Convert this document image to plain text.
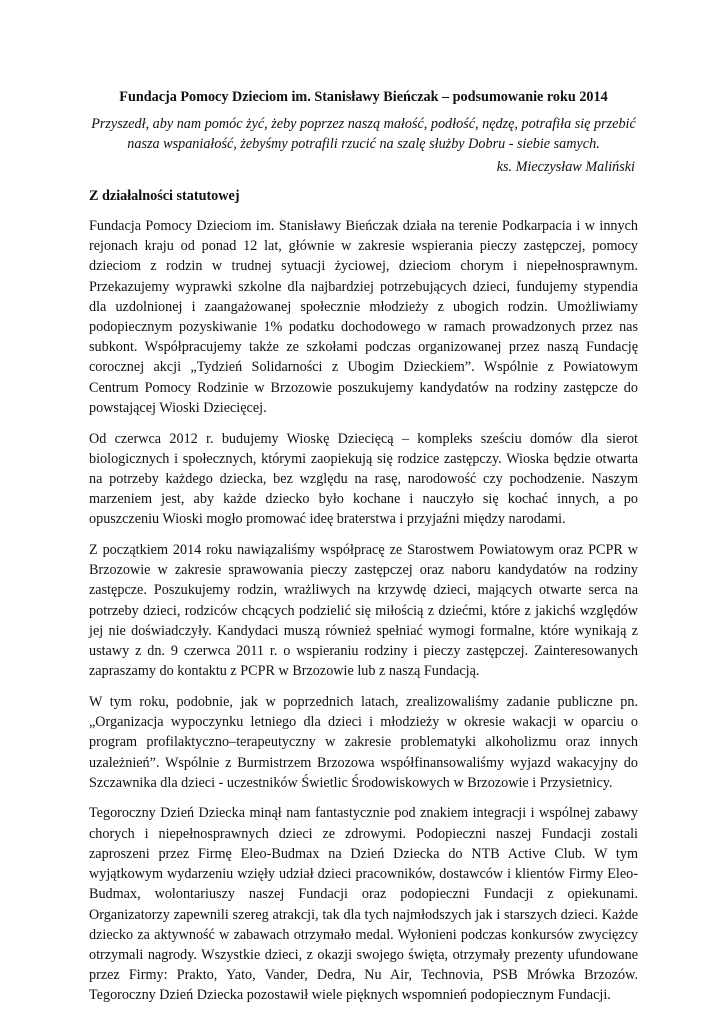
Fundacja Pomocy Dzieciom im. Stanisławy Bieńczak – podsumowanie roku 2014

Przyszedł, aby nam pomóc żyć, żeby poprzez naszą małość, podłość, nędzę, potrafiła się przebić nasza wspaniałość, żebyśmy potrafili rzucić na szalę służby Dobru - siebie samych.

ks. Mieczysław Maliński

Z działalności statutowej

Fundacja Pomocy Dzieciom im. Stanisławy Bieńczak działa na terenie Podkarpacia i w innych rejonach kraju od ponad 12 lat, głównie w zakresie wspierania pieczy zastępczej, pomocy dzieciom z rodzin w trudnej sytuacji życiowej, dzieciom chorym i niepełnosprawnym. Przekazujemy wyprawki szkolne dla najbardziej potrzebujących dzieci, fundujemy stypendia dla uzdolnionej i zaangażowanej społecznie młodzieży z ubogich rodzin. Umożliwiamy podopiecznym pozyskiwanie 1% podatku dochodowego w ramach prowadzonych przez nas subkont. Współpracujemy także ze szkołami podczas organizowanej przez naszą Fundację corocznej akcji „Tydzień Solidarności z Ubogim Dzieckiem”. Wspólnie z Powiatowym Centrum Pomocy Rodzinie w Brzozowie poszukujemy kandydatów na rodziny zastępcze do powstającej Wioski Dziecięcej.

Od czerwca 2012 r. budujemy Wioskę Dziecięcą – kompleks sześciu domów dla sierot biologicznych i społecznych, którymi zaopiekują się rodzice zastępczy. Wioska będzie otwarta na potrzeby każdego dziecka, bez względu na rasę, narodowość czy pochodzenie. Naszym marzeniem jest, aby każde dziecko było kochane i nauczyło się kochać innych, a po opuszczeniu Wioski mogło promować ideę braterstwa i przyjaźni między narodami.

Z początkiem 2014 roku nawiązaliśmy współpracę ze Starostwem Powiatowym oraz PCPR w Brzozowie w zakresie sprawowania pieczy zastępczej oraz naboru kandydatów na rodziny zastępcze. Poszukujemy rodzin, wrażliwych na krzywdę dzieci, mających otwarte serca na potrzeby dzieci, rodziców chcących podzielić się miłością z dziećmi, które z jakichś względów jej nie doświadczyły. Kandydaci muszą również spełniać wymogi formalne, które wynikają z ustawy z dn. 9 czerwca 2011 r. o wspieraniu rodziny i pieczy zastępczej. Zainteresowanych zapraszamy do kontaktu z PCPR w Brzozowie lub z naszą Fundacją.

W tym roku, podobnie, jak w poprzednich latach, zrealizowaliśmy zadanie publiczne pn. „Organizacja wypoczynku letniego dla dzieci i młodzieży w okresie wakacji w oparciu o program profilaktyczno–terapeutyczny w zakresie problematyki alkoholizmu oraz innych uzależnień”. Wspólnie z Burmistrzem Brzozowa współfinansowaliśmy wyjazd wakacyjny do Szczawnika dla dzieci - uczestników Świetlic Środowiskowych w Brzozowie i Przysietnicy.

Tegoroczny Dzień Dziecka minął nam fantastycznie pod znakiem integracji i wspólnej zabawy chorych i niepełnosprawnych dzieci ze zdrowymi. Podopieczni naszej Fundacji zostali zaproszeni przez Firmę Eleo-Budmax na Dzień Dziecka do NTB Active Club. W tym wyjątkowym wydarzeniu wzięły udział dzieci pracowników, dostawców i klientów Firmy Eleo-Budmax, wolontariuszy naszej Fundacji oraz podopieczni Fundacji z opiekunami. Organizatorzy zapewnili szereg atrakcji, tak dla tych najmłodszych jak i starszych dzieci. Każde dziecko za aktywność w zabawach otrzymało medal. Wyłonieni podczas konkursów zwycięzcy otrzymali nagrody. Wszystkie dzieci, z okazji swojego święta, otrzymały prezenty ufundowane przez Firmy: Prakto, Yato, Vander, Dedra, Nu Air, Technovia, PSB Mrówka Brzozów. Tegoroczny Dzień Dziecka pozostawił wiele pięknych wspomnień podopiecznym Fundacji.
